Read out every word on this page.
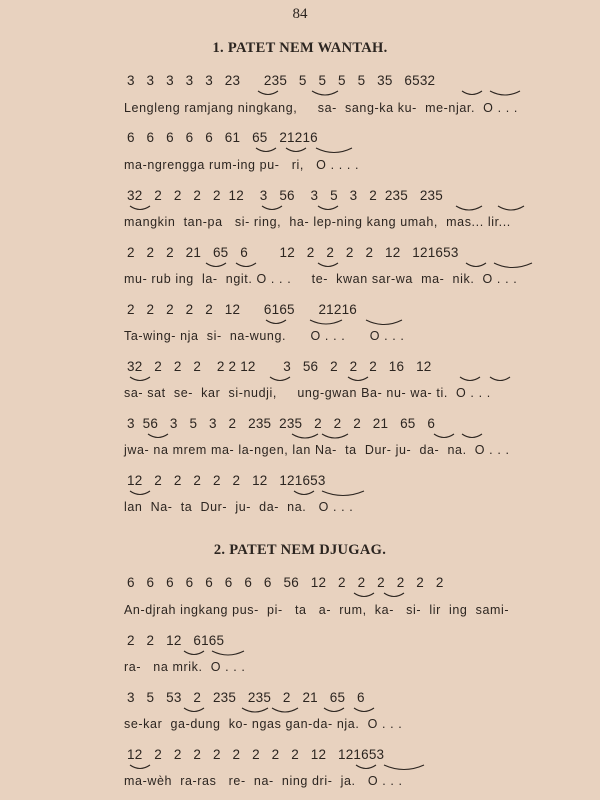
84
1. PATET NEM WANTAH.
3   3   3   3   3   23      235   5   5   5   5   35   6532
Lengleng ramjang ningkang,     sa-  sang-ka ku-  me-njar.  O . . .
6   6   6   6   6   61   65   21216
ma-ngrengga rum-ing pu-   ri,   O . . . .
32   2   2   2   2  12    3   56    3   5   3   2  235   235
mangkin  tan-pa   si- ring,  ha- lep-ning kang umah,  mas... lir...
2   2   2   21   65   6        12   2   2   2   2   12   121653
mu- rub ing  la-  ngit. O . . .     te-  kwan sar-wa  ma-  nik.  O . . .
2   2   2   2   2   12      6165      21216
Ta-wing- nja  si-  na-wung.      O . . .      O . . .
32   2   2   2    2 2 12       3   56   2   2   2   16   12
sa- sat  se-  kar  si-nudji,     ung-gwan Ba- nu- wa- ti.  O . . .
3  56   3   5   3   2   235  235   2   2   2   21   65   6
jwa- na mrem ma- la-ngen, lan Na-  ta  Dur- ju-  da-  na.  O . . .
12   2   2   2   2   2   12   121653
lan  Na-  ta  Dur-  ju-  da-  na.   O . . .
2. PATET NEM DJUGAG.
6   6   6   6   6   6   6   6   56   12   2   2   2   2   2   2
An-djrah ingkang pus-  pi-   ta   a-  rum,  ka-   si-  lir  ing  sami-
2   2   12   6165
ra-   na mrik.  O . . .
3   5   53   2   235   235   2   21   65   6
se-kar  ga-dung  ko- ngas gan-da- nja.  O . . .
12   2   2   2   2   2   2   2   2   12   121653
ma-wèh  ra-ras   re-  na-  ning dri-  ja.   O . . .
